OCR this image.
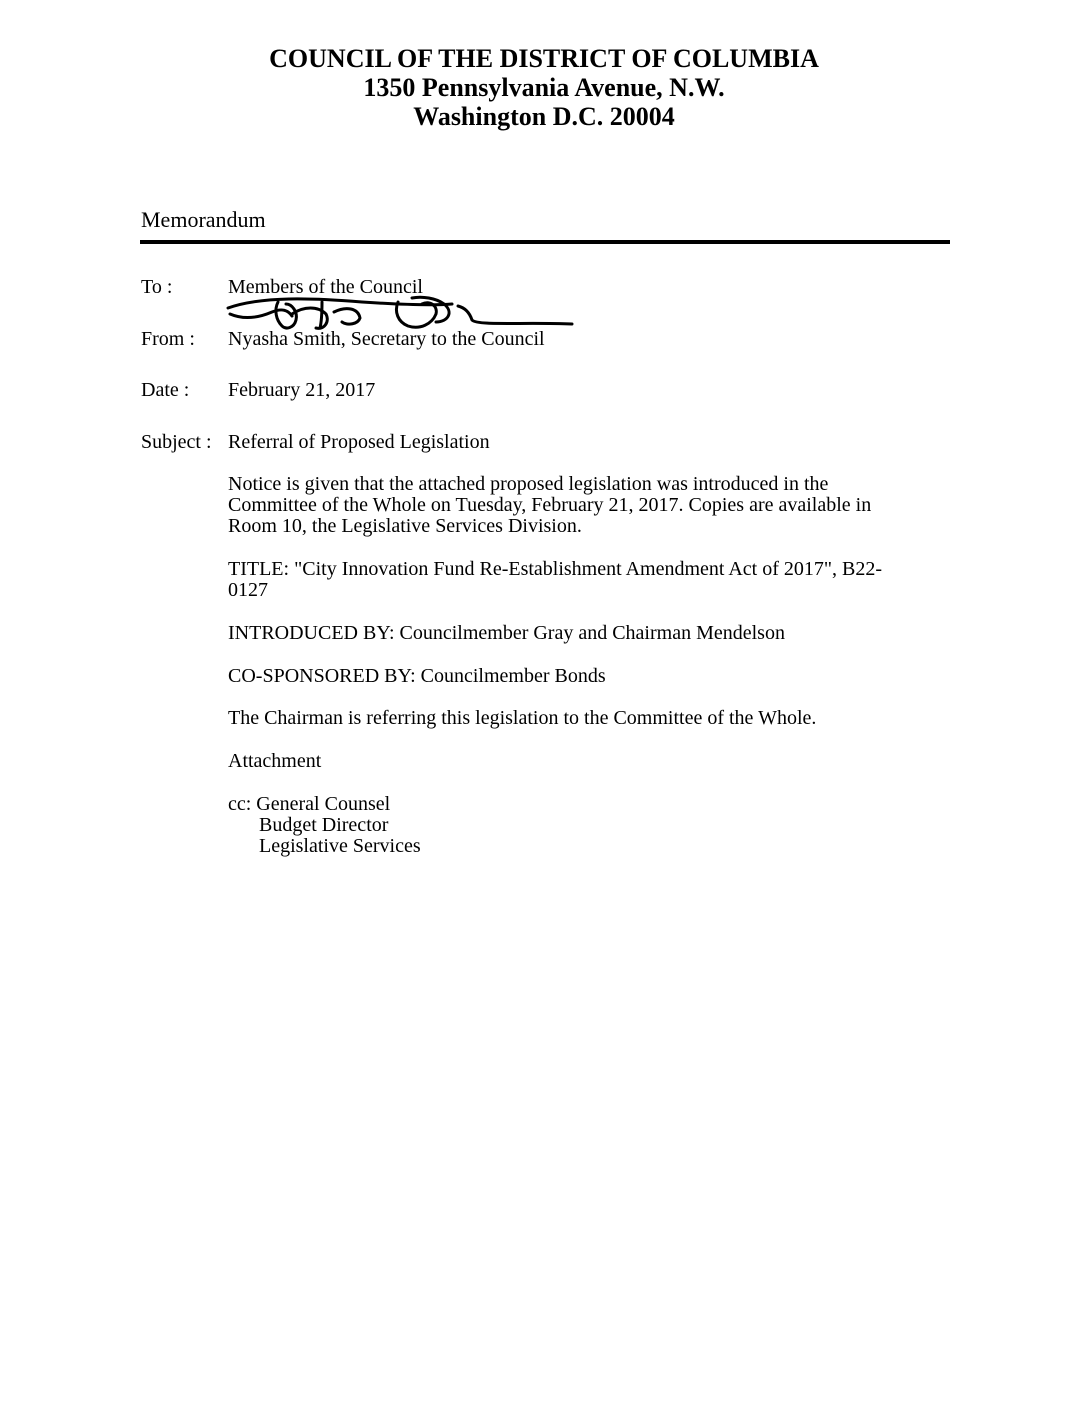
COUNCIL OF THE DISTRICT OF COLUMBIA
1350 Pennsylvania Avenue, N.W.
Washington D.C. 20004
Memorandum
To :	Members of the Council
From : Nyasha Smith, Secretary to the Council
Date : February 21, 2017
Subject : Referral of Proposed Legislation

Notice is given that the attached proposed legislation was introduced in the

Committee of the Whole on Tuesday, February 21, 2017. Copies are available in

Room 10, the Legislative Services Division.

TITLE: "City Innovation Fund Re-Establishment Amendment Act of 2017", B22-

0127

INTRODUCED BY: Councilmember Gray and Chairman Mendelson
CO-SPONSORED BY: Councilmember Bonds
The Chairman is referring this legislation to the Committee of the Whole.
Attachment
cc: General Counsel
Budget Director
Legislative Services
